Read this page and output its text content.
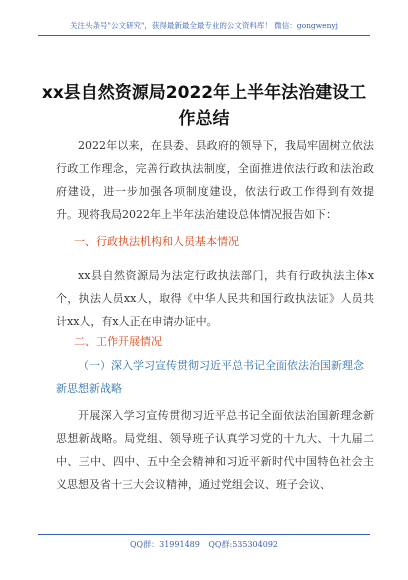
关注头条号"公文研究"，获得最新最全最专业的公文资料库！ 微信：gongwenyj
xx县自然资源局2022年上半年法治建设工作总结
2022年以来，在县委、县政府的领导下，我局牢固树立依法行政工作理念，完善行政执法制度，全面推进依法行政和法治政府建设，进一步加强各项制度建设，依法行政工作得到有效提升。现将我局2022年上半年法治建设总体情况报告如下：
一、行政执法机构和人员基本情况
xx县自然资源局为法定行政执法部门，共有行政执法主体x个，执法人员xx人，取得《中华人民共和国行政执法证》人员共计xx人，有x人正在申请办证中。
二、工作开展情况
（一）深入学习宣传贯彻习近平总书记全面依法治国新理念新思想新战略
开展深入学习宣传贯彻习近平总书记全面依法治国新理念新思想新战略。局党组、领导班子认真学习党的十九大、十九届二中、三中、四中、五中全会精神和习近平新时代中国特色社会主义思想及省十三大会议精神，通过党组会议、班子会议、
QQ群：31991489 QQ群:535304092
